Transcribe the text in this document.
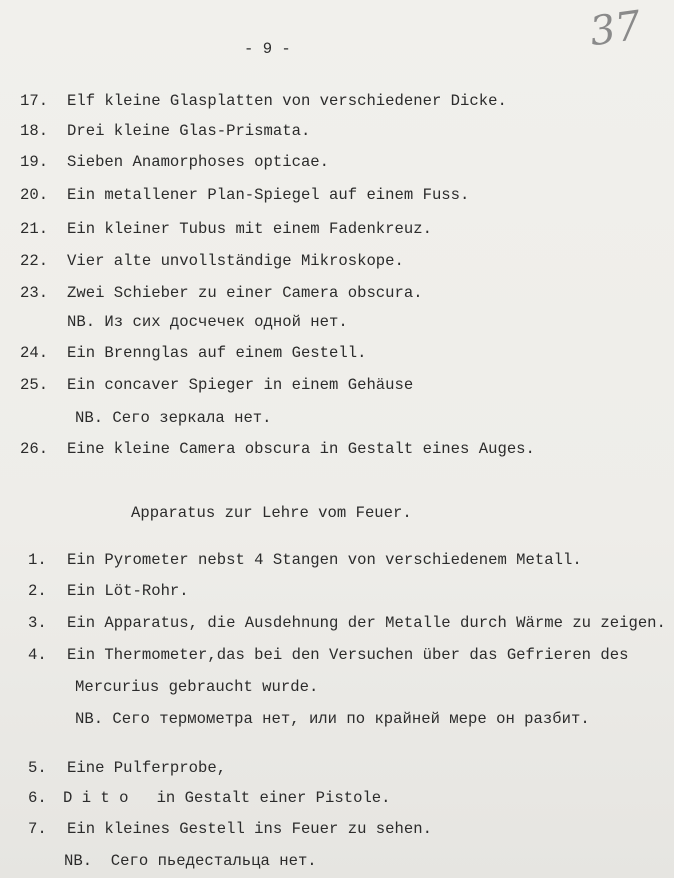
- 9 -	37
17. Elf kleine Glasplatten von verschiedener Dicke.
18. Drei kleine Glas-Prismata.
19. Sieben Anamorphoses opticae.
20. Ein metallener Plan-Spiegel auf einem Fuss.
21. Ein kleiner Tubus mit einem Fadenkreuz.
22. Vier alte unvollständige Mikroskope.
23. Zwei Schieber zu einer Camera obscura.
NB. Из сих досчечек одной нет.
24. Ein Brennglas auf einem Gestell.
25. Ein concaver Spieger in einem Gehäuse
NB. Сего зеркала нет.
26. Eine kleine Camera obscura in Gestalt eines Auges.
Apparatus zur Lehre vom Feuer.
1. Ein Pyrometer nebst 4 Stangen von verschiedenem Metall.
2. Ein Löt-Rohr.
3. Ein Apparatus, die Ausdehnung der Metalle durch Wärme zu zeigen.
4. Ein Thermometer,das bei den Versuchen über das Gefrieren des
Mercurius gebraucht wurde.
NB. Сего термометра нет, или по крайней мере он разбит.
5. Eine Pulferprobe,
6. D i t o   in Gestalt einer Pistole.
7. Ein kleines Gestell ins Feuer zu sehen.
NB.  Сего пьедестальца нет.
